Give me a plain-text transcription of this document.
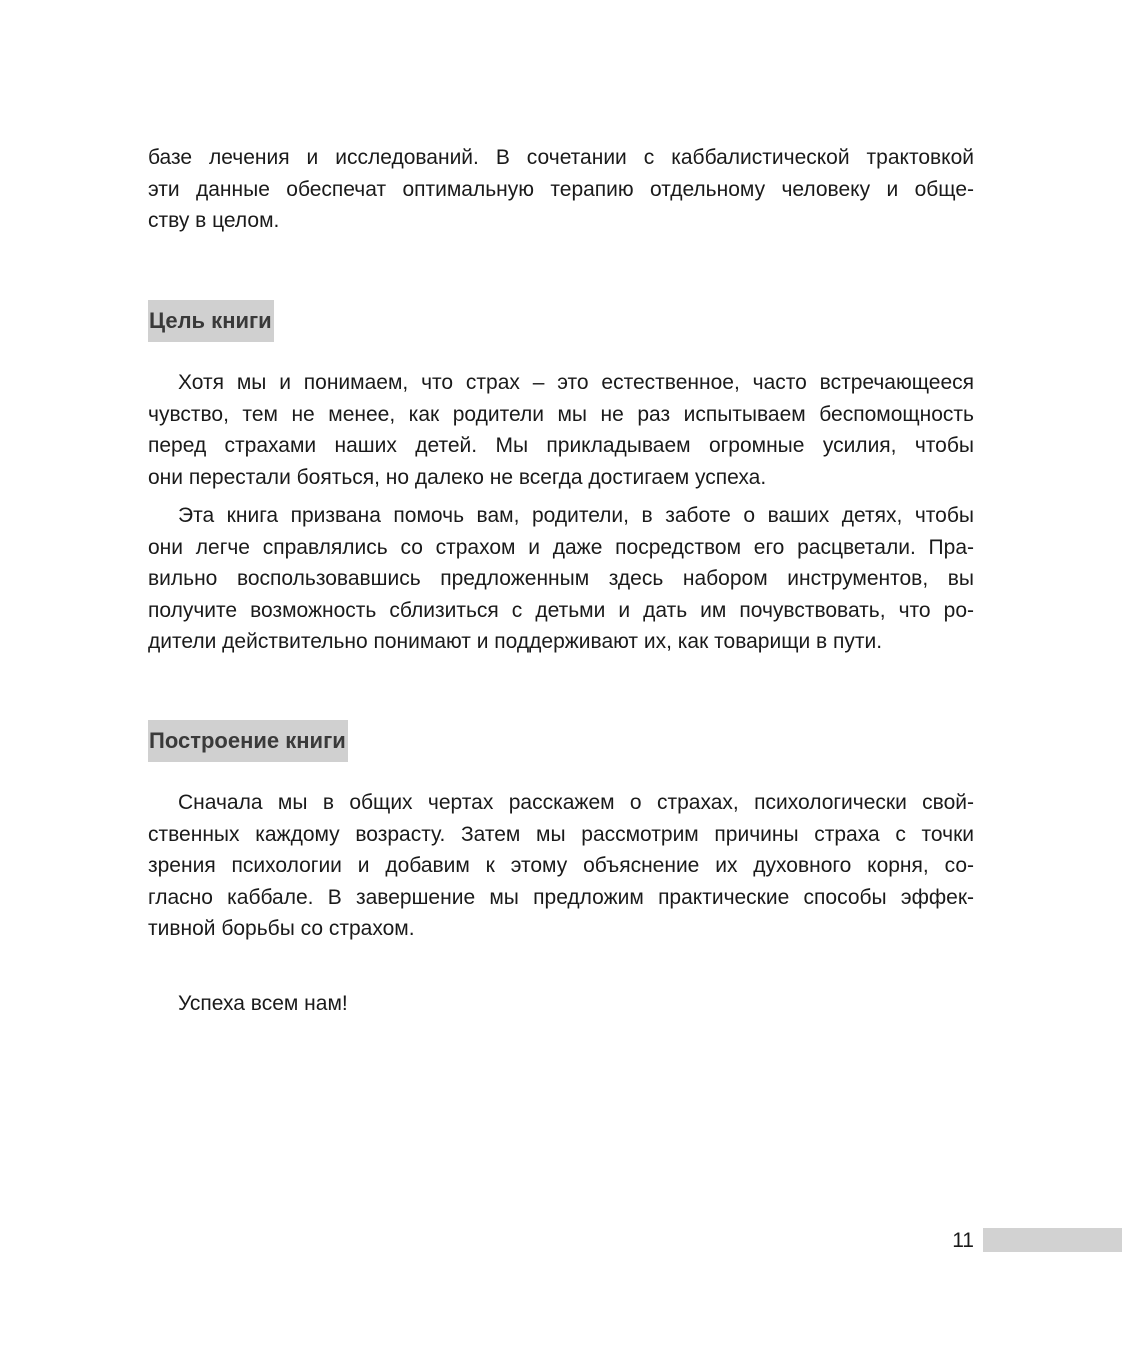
базе лечения и исследований. В сочетании с каббалистической трактовкой
эти данные обеспечат оптимальную терапию отдельному человеку и обще-
ству в целом.

Цель книги

Хотя мы и понимаем, что страх – это естественное, часто встречающееся
чувство, тем не менее, как родители мы не раз испытываем беспомощность
перед страхами наших детей. Мы прикладываем огромные усилия, чтобы
они перестали бояться, но далеко не всегда достигаем успеха.

Эта книга призвана помочь вам, родители, в заботе о ваших детях, чтобы
они легче справлялись со страхом и даже посредством его расцветали. Пра-
вильно воспользовавшись предложенным здесь набором инструментов, вы
получите возможность сблизиться с детьми и дать им почувствовать, что ро-
дители действительно понимают и поддерживают их, как товарищи в пути.

Построение книги

Сначала мы в общих чертах расскажем о страхах, психологически свой-
ственных каждому возрасту. Затем мы рассмотрим причины страха с точки
зрения психологии и добавим к этому объяснение их духовного корня, со-
гласно каббале. В завершение мы предложим практические способы эффек-
тивной борьбы со страхом.

Успеха всем нам!

11
